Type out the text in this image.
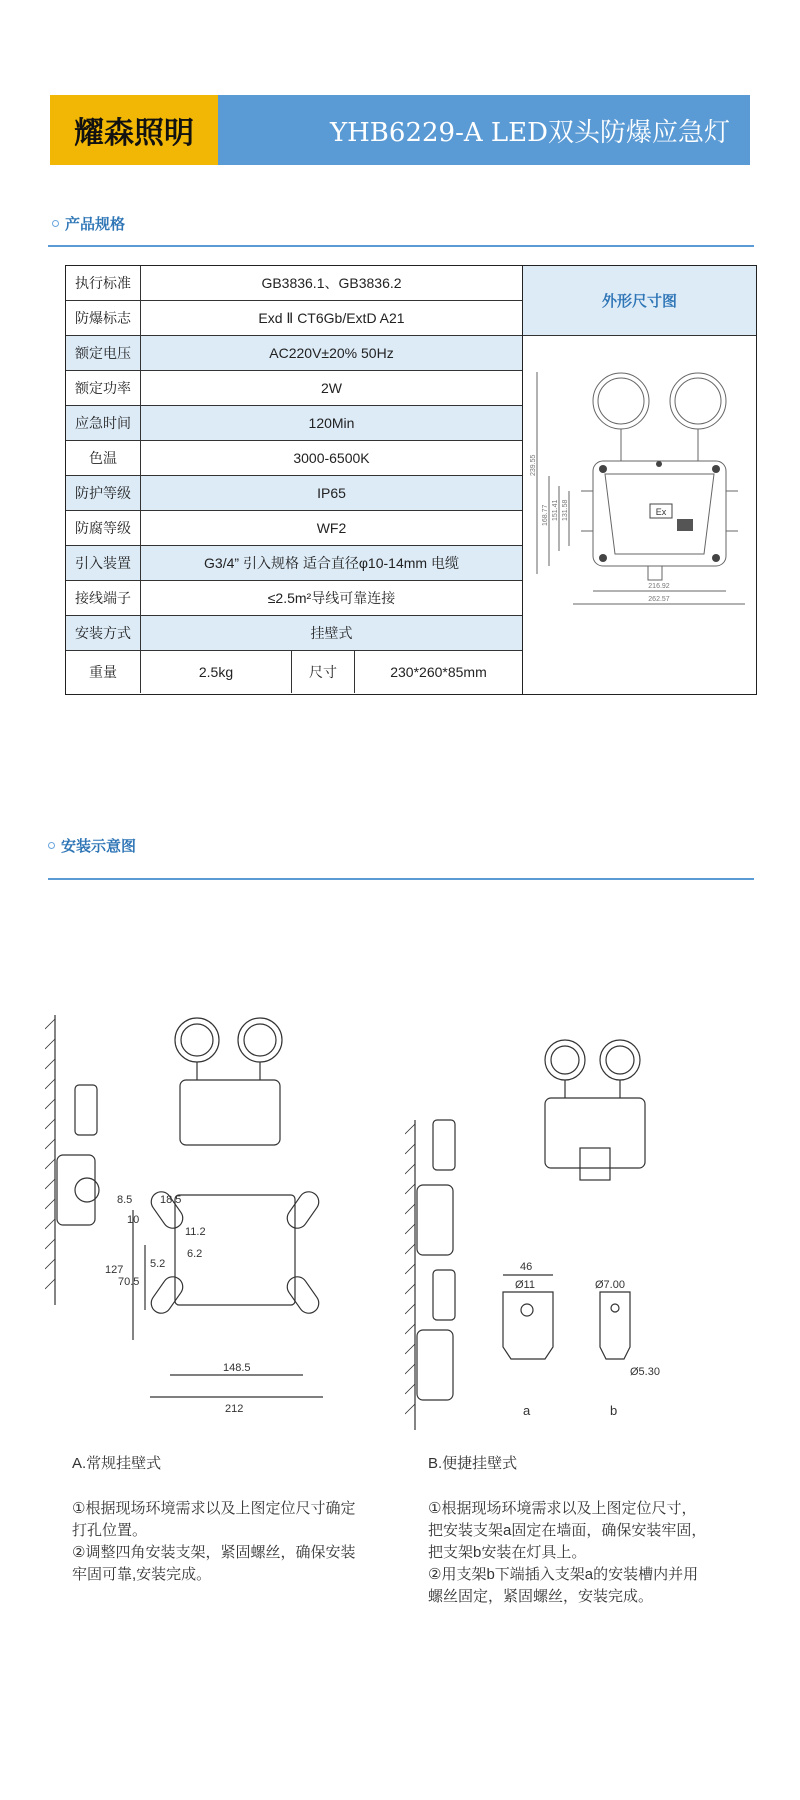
耀森照明	YHB6229-A LED双头防爆应急灯
产品规格
执行标准	GB3836.1、GB3836.2
防爆标志	Exd Ⅱ CT6Gb/ExtD A21
额定电压	AC220V±20% 50Hz
额定功率	2W
应急时间	120Min
色温	3000-6500K
防护等级	IP65
防腐等级	WF2
引入装置	G3/4” 引入规格 适合直径φ10-14mm 电缆
接线端子	≤2.5m²导线可靠连接
安装方式	挂壁式
重量	2.5kg	尺寸	230*260*85mm
外形尺寸图
Ex
239.55
168.77 151.41 131.58
216.92
262.57
安装示意图
8.5	18.5
10
11.2
6.2
5.2
127
70.5
148.5
212
46
Ø11	Ø7.00
Ø5.30
a	b
A.常规挂壁式	B.便捷挂壁式

①根据现场环境需求以及上图定位尺寸确定打孔位置。

②调整四角安装支架，紧固螺丝，确保安装牢固可靠,安装完成。

①根据现场环境需求以及上图定位尺寸，把安装支架a固定在墙面，确保安装牢固，把支架b安装在灯具上。

②用支架b下端插入支架a的安装槽内并用螺丝固定，紧固螺丝，安装完成。
